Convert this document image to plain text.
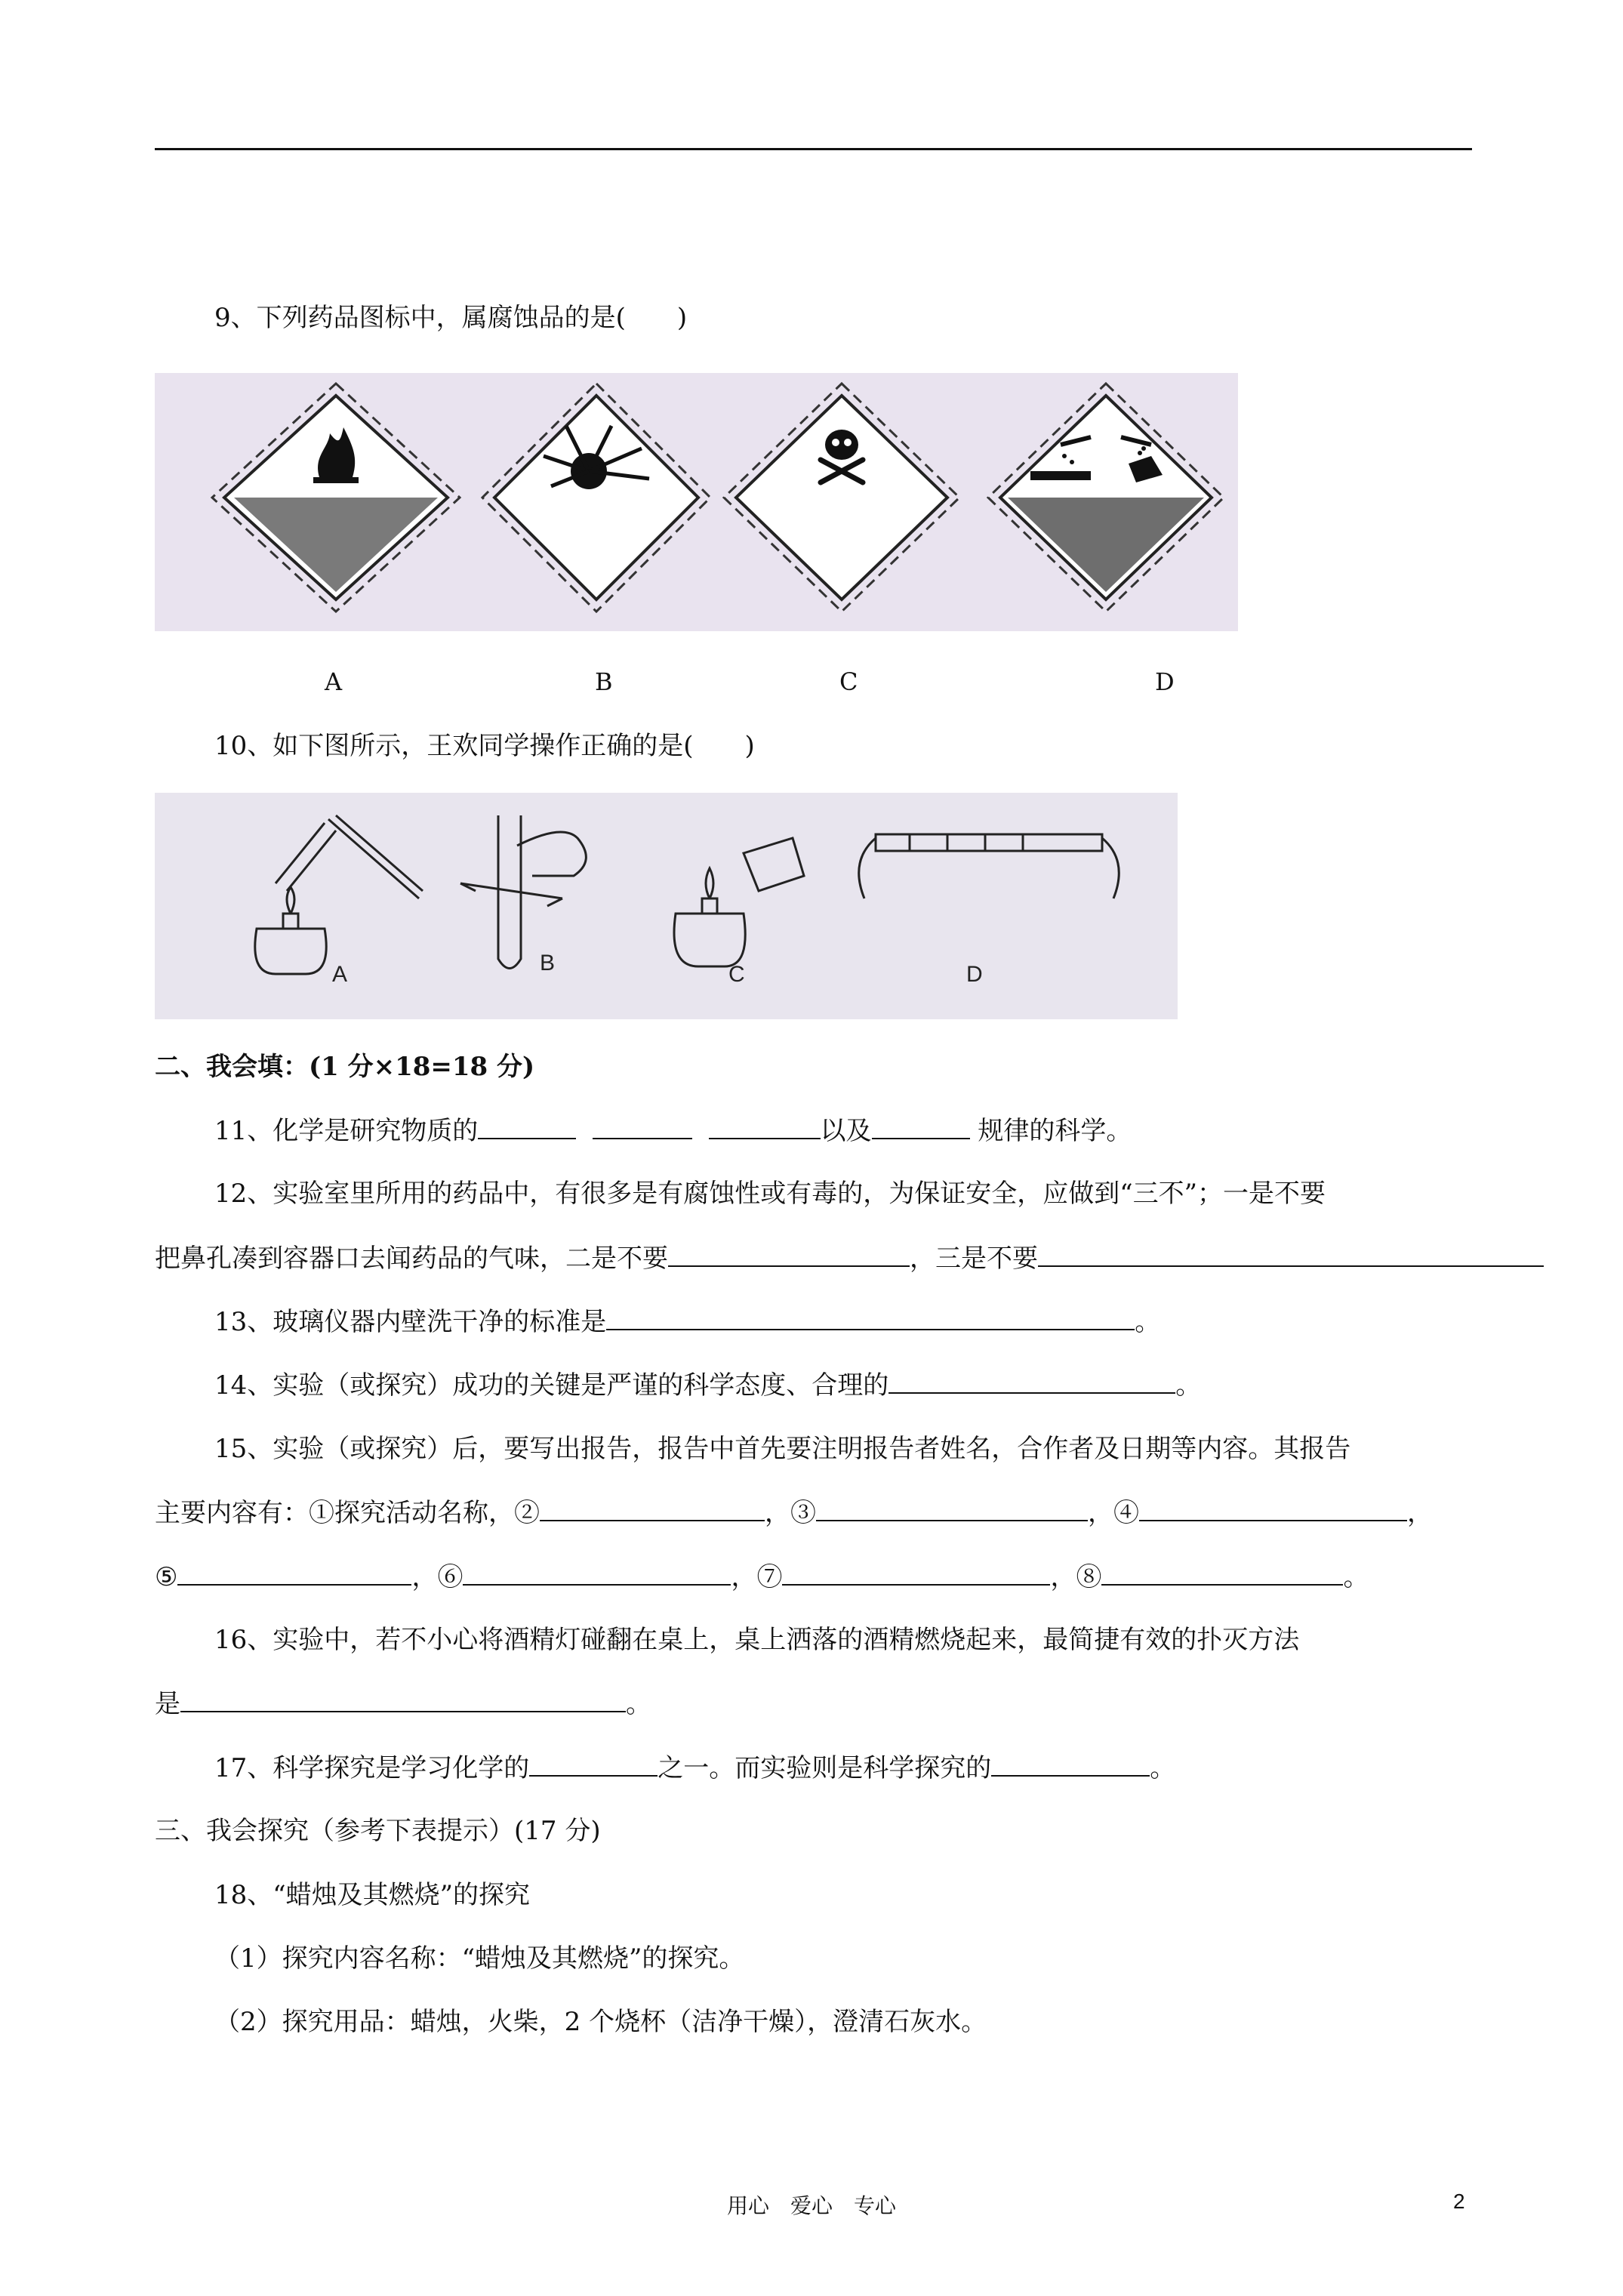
9、下列药品图标中，属腐蚀品的是(　　)
A	B	C	D
10、如下图所示，王欢同学操作正确的是(　　)
A	B	C	D
二、我会填：(1 分×18=18 分)
11、化学是研究物质的	以及	规律的科学。
12、实验室里所用的药品中，有很多是有腐蚀性或有毒的，为保证安全，应做到“三不”；一是不要
把鼻孔凑到容器口去闻药品的气味，二是不要	，三是不要
13、玻璃仪器内壁洗干净的标准是	。
14、实验（或探究）成功的关键是严谨的科学态度、合理的	。
15、实验（或探究）后，要写出报告，报告中首先要注明报告者姓名，合作者及日期等内容。其报告
主要内容有：①探究活动名称，②	，③	，④	，
⑤	，⑥	，⑦	，⑧	。
16、实验中，若不小心将酒精灯碰翻在桌上，桌上洒落的酒精燃烧起来，最简捷有效的扑灭方法
是	。
17、科学探究是学习化学的	之一。而实验则是科学探究的	。
三、我会探究（参考下表提示）(17 分)
18、“蜡烛及其燃烧”的探究
（1）探究内容名称：“蜡烛及其燃烧”的探究。
（2）探究用品：蜡烛，火柴，2 个烧杯（洁净干燥），澄清石灰水。
用心　爱心　专心	2
